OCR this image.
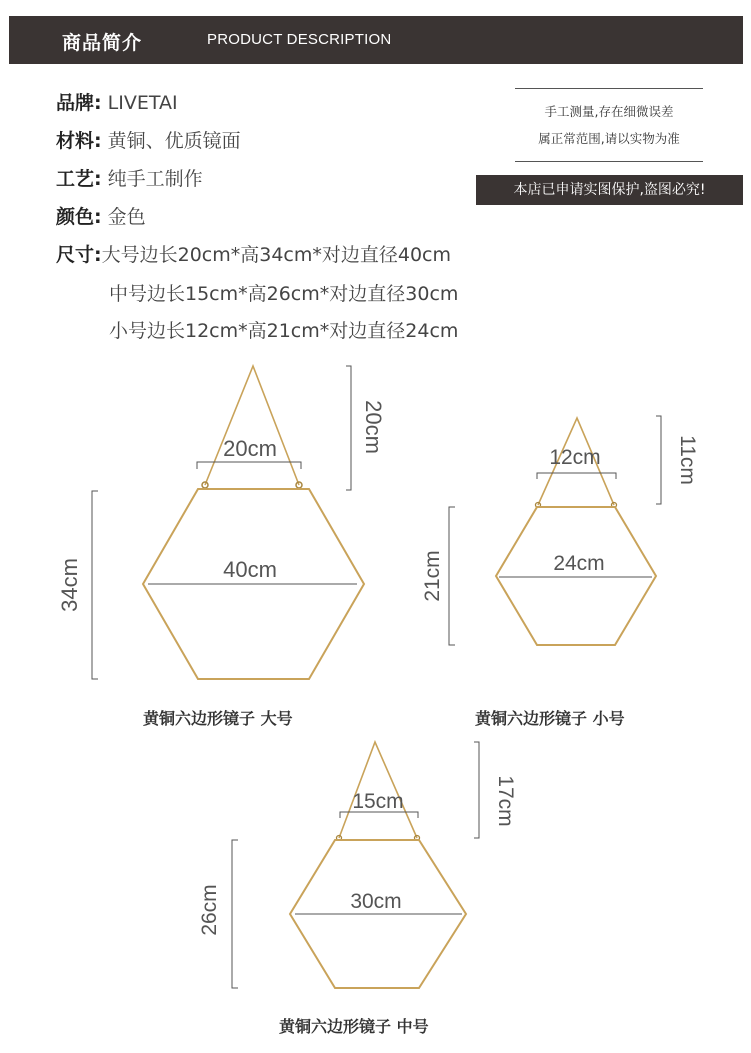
商品简介	PRODUCT DESCRIPTION
品牌: LIVETAI
材料: 黄铜、优质镜面
工艺: 纯手工制作
颜色: 金色
尺寸:大号边长20cm*高34cm*对边直径40cm
中号边长15cm*高26cm*对边直径30cm
小号边长12cm*高21cm*对边直径24cm
手工测量,存在细微误差
属正常范围,请以实物为准
本店已申请实图保护,盗图必究!
20cm
40cm
20cm
34cm
12cm
24cm
11cm
21cm
15cm
30cm
17cm
26cm
黄铜六边形镜子 大号	黄铜六边形镜子 小号
黄铜六边形镜子 中号
